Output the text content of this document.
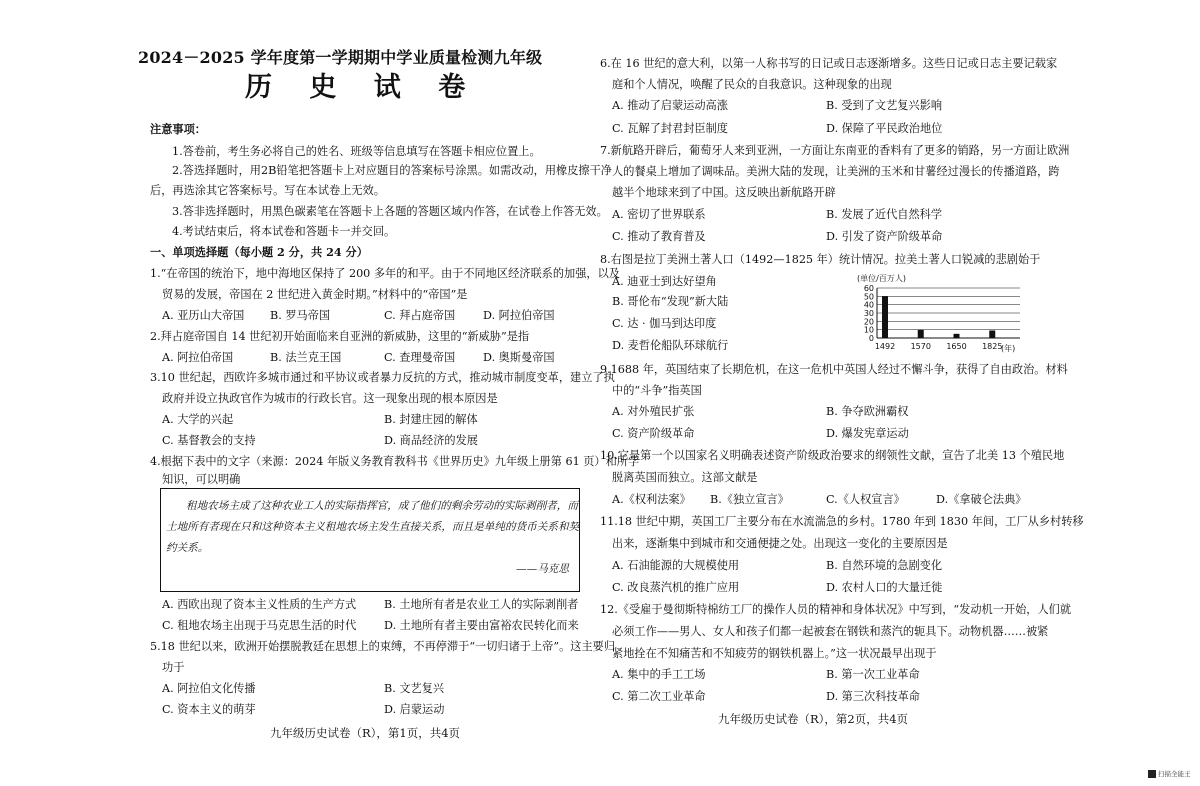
2024－2025 学年度第一学期期中学业质量检测九年级
历 史 试 卷
注意事项：
1.答卷前，考生务必将自己的姓名、班级等信息填写在答题卡相应位置上。
2.答选择题时，用2B铅笔把答题卡上对应题目的答案标号涂黑。如需改动，用橡皮擦干净
后，再选涂其它答案标号。写在本试卷上无效。
3.答非选择题时，用黑色碳素笔在答题卡上各题的答题区域内作答，在试卷上作答无效。
4.考试结束后，将本试卷和答题卡一并交回。
一、单项选择题（每小题 2 分，共 24 分）
1.“在帝国的统治下，地中海地区保持了 200 多年的和平。由于不同地区经济联系的加强，以及
贸易的发展，帝国在 2 世纪进入黄金时期。”材料中的“帝国”是
A. 亚历山大帝国 B. 罗马帝国	C. 拜占庭帝国 D. 阿拉伯帝国
2.拜占庭帝国自 14 世纪初开始面临来自亚洲的新威胁，这里的“新威胁”是指
A. 阿拉伯帝国	B. 法兰克王国	C. 查理曼帝国 D. 奥斯曼帝国
3.10 世纪起，西欧许多城市通过和平协议或者暴力反抗的方式，推动城市制度变革，建立了执
政府并设立执政官作为城市的行政长官。这一现象出现的根本原因是
A. 大学的兴起	B. 封建庄园的解体
C. 基督教会的支持	D. 商品经济的发展
4.根据下表中的文字（来源：2024 年版义务教育教科书《世界历史》九年级上册第 61 页）和所学
知识，可以明确
租地农场主成了这种农业工人的实际指挥官，成了他们的剩余劳动的实际剥削者，而
土地所有者现在只和这种资本主义租地农场主发生直接关系，而且是单纯的货币关系和契
约关系。
——马克思
A. 西欧出现了资本主义性质的生产方式 B. 土地所有者是农业工人的实际剥削者
C. 租地农场主出现于马克思生活的时代 D. 土地所有者主要由富裕农民转化而来
5.18 世纪以来，欧洲开始摆脱教廷在思想上的束缚，不再停滞于“一切归诸于上帝”。这主要归
功于
A. 阿拉伯文化传播	B. 文艺复兴
C. 资本主义的萌芽	D. 启蒙运动
九年级历史试卷（R），第1页，共4页
6.在 16 世纪的意大利，以第一人称书写的日记或日志逐渐增多。这些日记或日志主要记载家
庭和个人情况，唤醒了民众的自我意识。这种现象的出现
A. 推动了启蒙运动高涨	B. 受到了文艺复兴影响
C. 瓦解了封君封臣制度	D. 保障了平民政治地位
7.新航路开辟后，葡萄牙人来到亚洲，一方面让东南亚的香料有了更多的销路，另一方面让欧洲
人的餐桌上增加了调味品。美洲大陆的发现，让美洲的玉米和甘薯经过漫长的传播道路，跨
越半个地球来到了中国。这反映出新航路开辟
A. 密切了世界联系	B. 发展了近代自然科学
C. 推动了教育普及	D. 引发了资产阶级革命
8.右图是拉丁美洲土著人口（1492—1825 年）统计情况。拉美土著人口锐减的悲剧始于
A. 迪亚士到达好望角
B. 哥伦布“发现”新大陆
C. 达 · 伽马到达印度
D. 麦哲伦船队环球航行
(单位/百万人)
0
10
20
30
40
50
60
1492 1570 1650 1825
(年)
9.1688 年，英国结束了长期危机，在这一危机中英国人经过不懈斗争，获得了自由政治。材料
中的“斗争”指英国
A. 对外殖民扩张	B. 争夺欧洲霸权
C. 资产阶级革命	D. 爆发宪章运动
10.它是第一个以国家名义明确表述资产阶级政治要求的纲领性文献，宣告了北美 13 个殖民地
脱离英国而独立。这部文献是
A.《权利法案》 B.《独立宣言》	C.《人权宣言》	D.《拿破仑法典》
11.18 世纪中期，英国工厂主要分布在水流湍急的乡村。1780 年到 1830 年间，工厂从乡村转移
出来，逐渐集中到城市和交通便捷之处。出现这一变化的主要原因是
A. 石油能源的大规模使用	B. 自然环境的急剧变化
C. 改良蒸汽机的推广应用	D. 农村人口的大量迁徙
12.《受雇于曼彻斯特棉纺工厂的操作人员的精神和身体状况》中写到，“发动机一开始，人们就
必须工作——男人、女人和孩子们都一起被套在钢铁和蒸汽的轭具下。动物机器……被紧
紧地拴在不知痛苦和不知疲劳的钢铁机器上。”这一状况最早出现于
A. 集中的手工工场	B. 第一次工业革命
C. 第二次工业革命	D. 第三次科技革命
九年级历史试卷（R），第2页，共4页
扫描全能王
